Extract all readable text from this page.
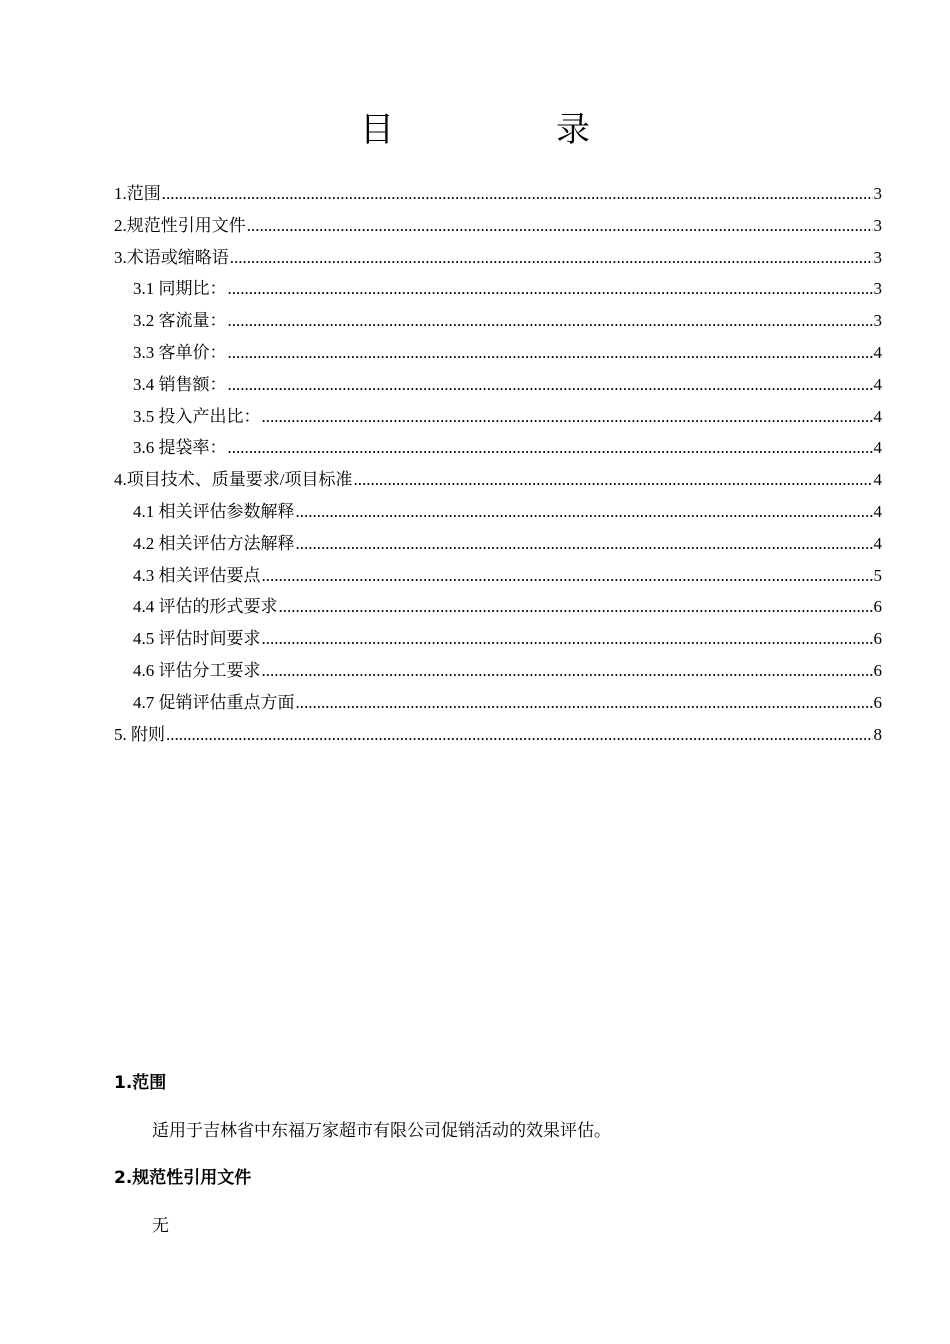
目　录
1.范围 .....	3
2.规范性引用文件 .....	3
3.术语或缩略语 .....	3
3.1 同期比： .....	3
3.2 客流量： .....	3
3.3 客单价： .....	4
3.4 销售额： .....	4
3.5 投入产出比： .....	4
3.6 提袋率： .....	4
4.项目技术、质量要求/项目标准 .....	4
4.1 相关评估参数解释 .....	4
4.2 相关评估方法解释 .....	4
4.3 相关评估要点 .....	5
4.4 评估的形式要求 .....	6
4.5 评估时间要求 .....	6
4.6 评估分工要求 .....	6
4.7 促销评估重点方面 .....	6
5. 附则 .....	8
1.范围
适用于吉林省中东福万家超市有限公司促销活动的效果评估。
2.规范性引用文件
无
